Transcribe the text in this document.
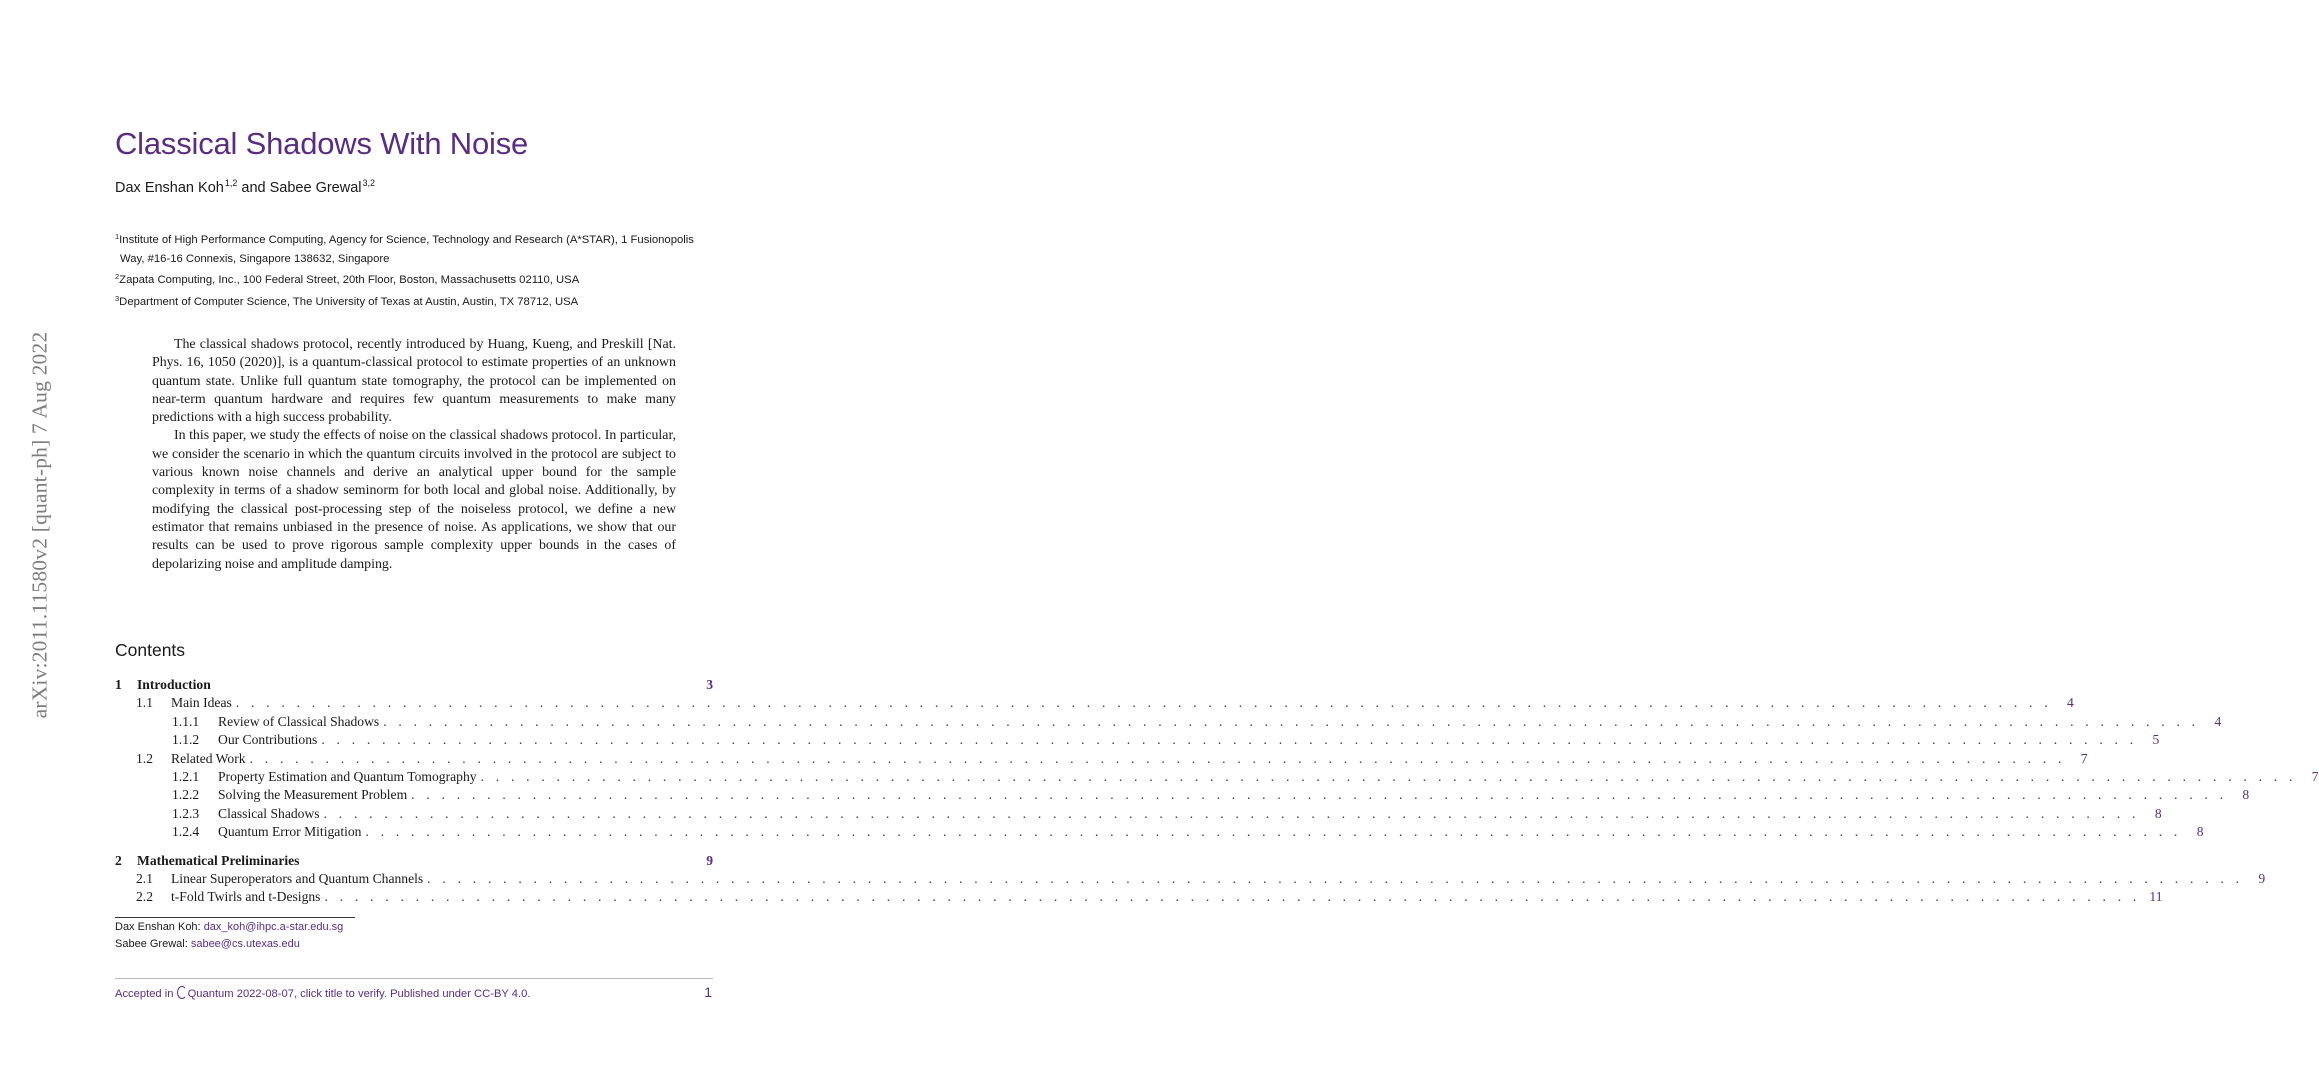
arXiv:2011.11580v2 [quant-ph] 7 Aug 2022
Classical Shadows With Noise
Dax Enshan Koh$^{1,2}$ and Sabee Grewal$^{3,2}$
$^1$Institute of High Performance Computing, Agency for Science, Technology and Research (A*STAR), 1 Fusionopolis
Way, #16-16 Connexis, Singapore 138632, Singapore
$^2$Zapata Computing, Inc., 100 Federal Street, 20th Floor, Boston, Massachusetts 02110, USA
$^3$Department of Computer Science, The University of Texas at Austin, Austin, TX 78712, USA

The classical shadows protocol, recently introduced by Huang, Kueng, and Preskill [Nat. Phys. 16, 1050 (2020)], is a quantum-classical protocol to estimate properties of an unknown quantum state. Unlike full quantum state tomography, the protocol can be implemented on near-term quantum hardware and requires few quantum measurements to make many predictions with a high success probability.

In this paper, we study the effects of noise on the classical shadows protocol. In particular, we consider the scenario in which the quantum circuits involved in the protocol are subject to various known noise channels and derive an analytical upper bound for the sample complexity in terms of a shadow seminorm for both local and global noise. Additionally, by modifying the classical post-processing step of the noiseless protocol, we define a new estimator that remains unbiased in the presence of noise. As applications, we show that our results can be used to prove rigorous sample complexity upper bounds in the cases of depolarizing noise and amplitude damping.

Contents
1	Introduction	3
1.1	Main Ideas . . . . . . . . . . . . . . . . . . . . . . . . . . . . . . . . . . . . . . . . . . . . . . . . . . . . . . . . . . . . . . . . . . . . . . . . . . . . . . . . . . . . . . . . . . . . . . . . . . . . . . . . . . . . . . . . . . . . . . . .	4
1.1.1	Review of Classical Shadows . . . . . . . . . . . . . . . . . . . . . . . . . . . . . . . . . . . . . . . . . . . . . . . . . . . . . . . . . . . . . . . . . . . . . . . . . . . . . . . . . . . . . . . . . . . . . . . . . . . . . . . . . . . . . . . . . . . . . . . .	4
1.1.2	Our Contributions . . . . . . . . . . . . . . . . . . . . . . . . . . . . . . . . . . . . . . . . . . . . . . . . . . . . . . . . . . . . . . . . . . . . . . . . . . . . . . . . . . . . . . . . . . . . . . . . . . . . . . . . . . . . . . . . . . . . . . . .	5
1.2	Related Work . . . . . . . . . . . . . . . . . . . . . . . . . . . . . . . . . . . . . . . . . . . . . . . . . . . . . . . . . . . . . . . . . . . . . . . . . . . . . . . . . . . . . . . . . . . . . . . . . . . . . . . . . . . . . . . . . . . . . . . .	7
1.2.1	Property Estimation and Quantum Tomography . . . . . . . . . . . . . . . . . . . . . . . . . . . . . . . . . . . . . . . . . . . . . . . . . . . . . . . . . . . . . . . . . . . . . . . . . . . . . . . . . . . . . . . . . . . . . . . . . . . . . . . . . . . . . . . . . . . . . . . .	7
1.2.2	Solving the Measurement Problem . . . . . . . . . . . . . . . . . . . . . . . . . . . . . . . . . . . . . . . . . . . . . . . . . . . . . . . . . . . . . . . . . . . . . . . . . . . . . . . . . . . . . . . . . . . . . . . . . . . . . . . . . . . . . . . . . . . . . . . .	8
1.2.3	Classical Shadows . . . . . . . . . . . . . . . . . . . . . . . . . . . . . . . . . . . . . . . . . . . . . . . . . . . . . . . . . . . . . . . . . . . . . . . . . . . . . . . . . . . . . . . . . . . . . . . . . . . . . . . . . . . . . . . . . . . . . . . .	8
1.2.4	Quantum Error Mitigation . . . . . . . . . . . . . . . . . . . . . . . . . . . . . . . . . . . . . . . . . . . . . . . . . . . . . . . . . . . . . . . . . . . . . . . . . . . . . . . . . . . . . . . . . . . . . . . . . . . . . . . . . . . . . . . . . . . . . . . .	8
2	Mathematical Preliminaries	9
2.1	Linear Superoperators and Quantum Channels . . . . . . . . . . . . . . . . . . . . . . . . . . . . . . . . . . . . . . . . . . . . . . . . . . . . . . . . . . . . . . . . . . . . . . . . . . . . . . . . . . . . . . . . . . . . . . . . . . . . . . . . . . . . . . . . . . . . . . . .	9
2.2	t-Fold Twirls and t-Designs . . . . . . . . . . . . . . . . . . . . . . . . . . . . . . . . . . . . . . . . . . . . . . . . . . . . . . . . . . . . . . . . . . . . . . . . . . . . . . . . . . . . . . . . . . . . . . . . . . . . . . . . . . . . . . . . . . . . . . . . 11
Dax Enshan Koh: dax_koh@ihpc.a-star.edu.sg
Sabee Grewal: sabee@cs.utexas.edu
Accepted in Quantum 2022-08-07, click title to verify. Published under CC-BY 4.0.	1
